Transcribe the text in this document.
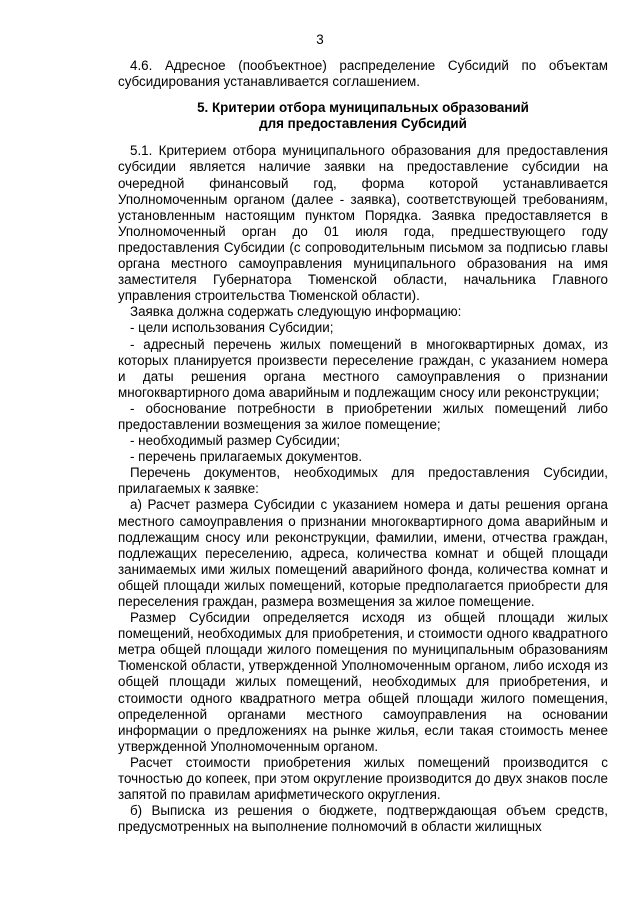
3

4.6. Адресное (пообъектное) распределение Субсидий по объектам субсидирования устанавливается соглашением.

5. Критерии отбора муниципальных образований
для предоставления Субсидий

5.1. Критерием отбора муниципального образования для предоставления субсидии является наличие заявки на предоставление субсидии на очередной финансовый год, форма которой устанавливается Уполномоченным органом (далее - заявка), соответствующей требованиям, установленным настоящим пунктом Порядка. Заявка предоставляется в Уполномоченный орган до 01 июля года, предшествующего году предоставления Субсидии (с сопроводительным письмом за подписью главы органа местного самоуправления муниципального образования на имя заместителя Губернатора Тюменской области, начальника Главного управления строительства Тюменской области).

Заявка должна содержать следующую информацию:

- цели использования Субсидии;

- адресный перечень жилых помещений в многоквартирных домах, из которых планируется произвести переселение граждан, с указанием номера и даты решения органа местного самоуправления о признании многоквартирного дома аварийным и подлежащим сносу или реконструкции;

- обоснование потребности в приобретении жилых помещений либо предоставлении возмещения за жилое помещение;

- необходимый размер Субсидии;

- перечень прилагаемых документов.

Перечень документов, необходимых для предоставления Субсидии, прилагаемых к заявке:

а) Расчет размера Субсидии с указанием номера и даты решения органа местного самоуправления о признании многоквартирного дома аварийным и подлежащим сносу или реконструкции, фамилии, имени, отчества граждан, подлежащих переселению, адреса, количества комнат и общей площади занимаемых ими жилых помещений аварийного фонда, количества комнат и общей площади жилых помещений, которые предполагается приобрести для переселения граждан, размера возмещения за жилое помещение.

Размер Субсидии определяется исходя из общей площади жилых помещений, необходимых для приобретения, и стоимости одного квадратного метра общей площади жилого помещения по муниципальным образованиям Тюменской области, утвержденной Уполномоченным органом, либо исходя из общей площади жилых помещений, необходимых для приобретения, и стоимости одного квадратного метра общей площади жилого помещения, определенной органами местного самоуправления на основании информации о предложениях на рынке жилья, если такая стоимость менее утвержденной Уполномоченным органом.

Расчет стоимости приобретения жилых помещений производится с точностью до копеек, при этом округление производится до двух знаков после запятой по правилам арифметического округления.

б) Выписка из решения о бюджете, подтверждающая объем средств, предусмотренных на выполнение полномочий в области жилищных
